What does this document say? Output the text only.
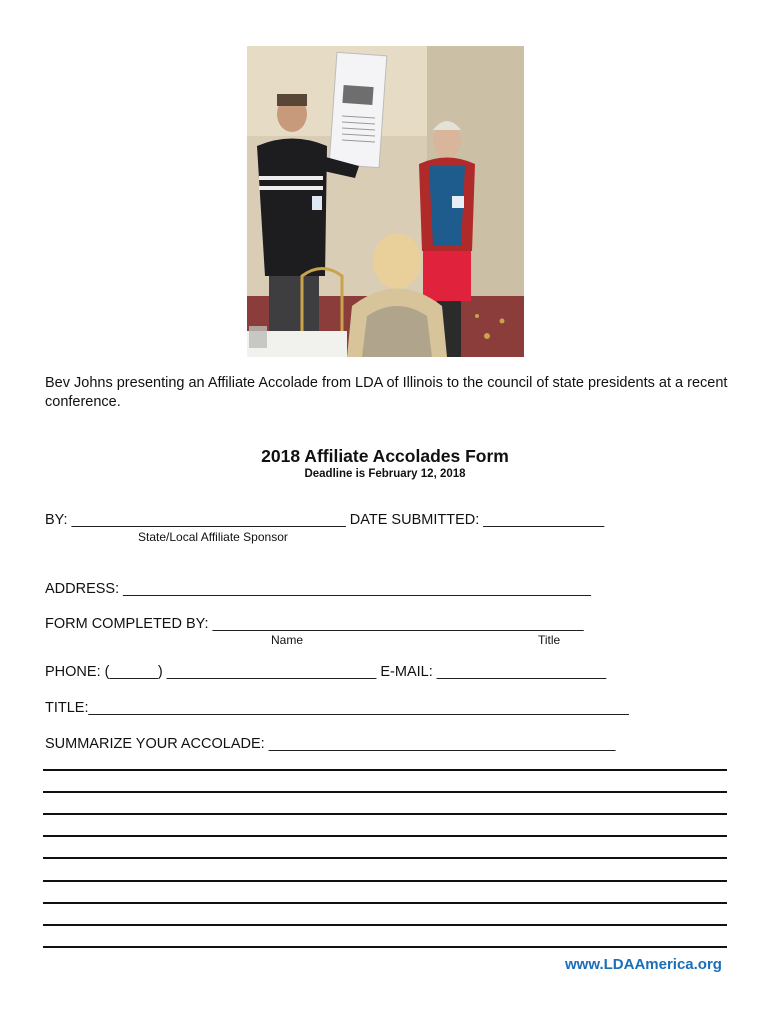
Bev Johns presenting an Affiliate Accolade from LDA of Illinois to the council of state presidents at a recent conference.
2018 Affiliate Accolades Form
Deadline is February 12, 2018
BY: __________________________________ DATE SUBMITTED: _______________
State/Local Affiliate Sponsor
ADDRESS: __________________________________________________________
FORM COMPLETED BY: ______________________________________________
Name	Title
PHONE: (______) __________________________ E-MAIL: _____________________
TITLE:___________________________________________________________________
SUMMARIZE YOUR ACCOLADE: ___________________________________________
www.LDAAmerica.org
